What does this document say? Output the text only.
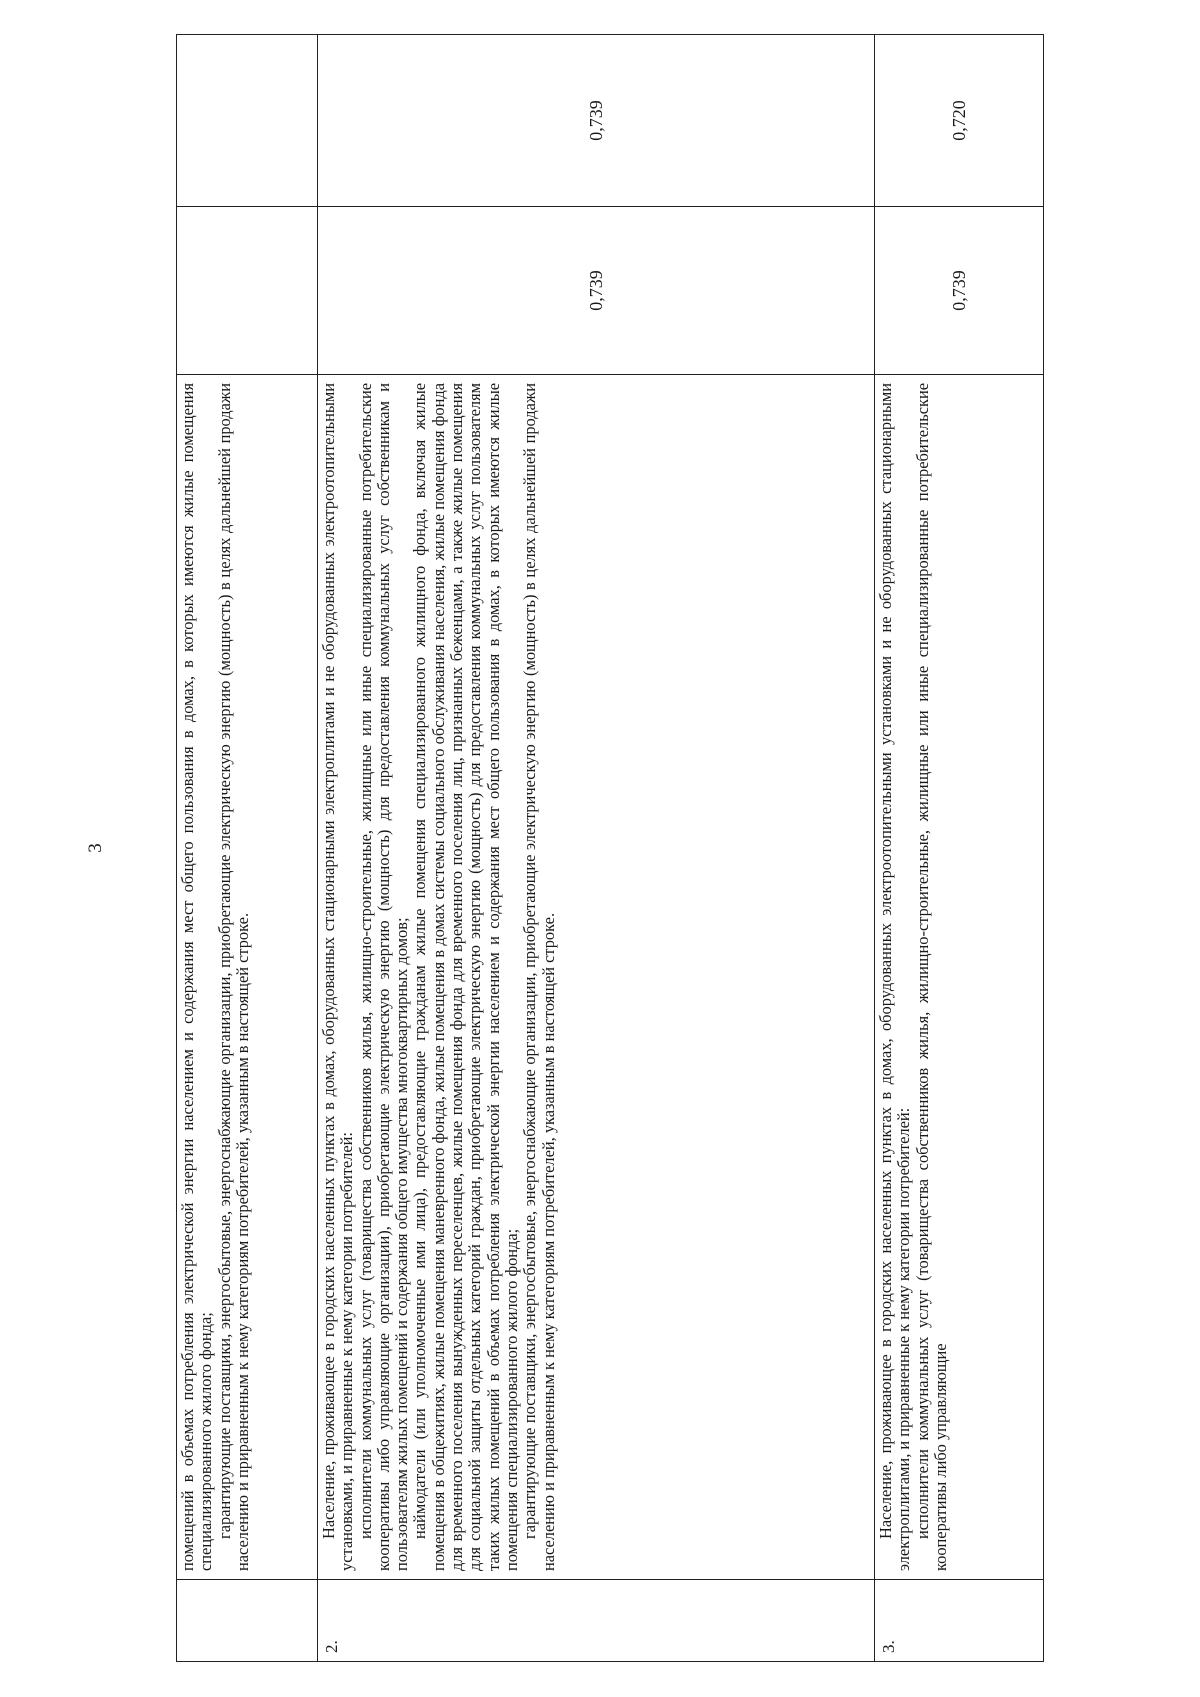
3

	помещений в объемах потребления электрической энергии населением и содержания мест общего пользования в домах, в которых имеются жилые помещения специализированного жилого фонда; гарантирующие поставщики, энергосбытовые, энергоснабжающие организации, приобретающие электрическую энергию (мощность) в целях дальнейшей продажи населению и приравненным к нему категориям потребителей, указанным в настоящей строке.		

2.	Население, проживающее в городских населенных пунктах в домах, оборудованных стационарными электроплитами и не оборудованных электроотопительными установками, и приравненные к нему категории потребителей: исполнители коммунальных услуг (товарищества собственников жилья, жилищно-строительные, жилищные или иные специализированные потребительские кооперативы либо управляющие организации), приобретающие электрическую энергию (мощность) для предоставления коммунальных услуг собственникам и пользователям жилых помещений и содержания общего имущества многоквартирных домов; наймодатели (или уполномоченные ими лица), предоставляющие гражданам жилые помещения специализированного жилищного фонда, включая жилые помещения в общежитиях, жилые помещения маневренного фонда, жилые помещения в домах системы социального обслуживания населения, жилые помещения фонда для временного поселения вынужденных переселенцев, жилые помещения фонда для временного поселения лиц, признанных беженцами, а также жилые помещения для социальной защиты отдельных категорий граждан, приобретающие электрическую энергию (мощность) для предоставления коммунальных услуг пользователям таких жилых помещений в объемах потребления электрической энергии населением и содержания мест общего пользования в домах, в которых имеются жилые помещения специализированного жилого фонда; гарантирующие поставщики, энергосбытовые, энергоснабжающие организации, приобретающие электрическую энергию (мощность) в целях дальнейшей продажи населению и приравненным к нему категориям потребителей, указанным в настоящей строке.	0,739	0,739
3.	Население, проживающее в городских населенных пунктах в домах, оборудованных электроотопительными установками и не оборудованных стационарными электроплитами, и приравненные к нему категории потребителей: исполнители коммунальных услуг (товарищества собственников жилья, жилищно-строительные, жилищные или иные специализированные потребительские кооперативы либо управляющие	0,739	0,720
